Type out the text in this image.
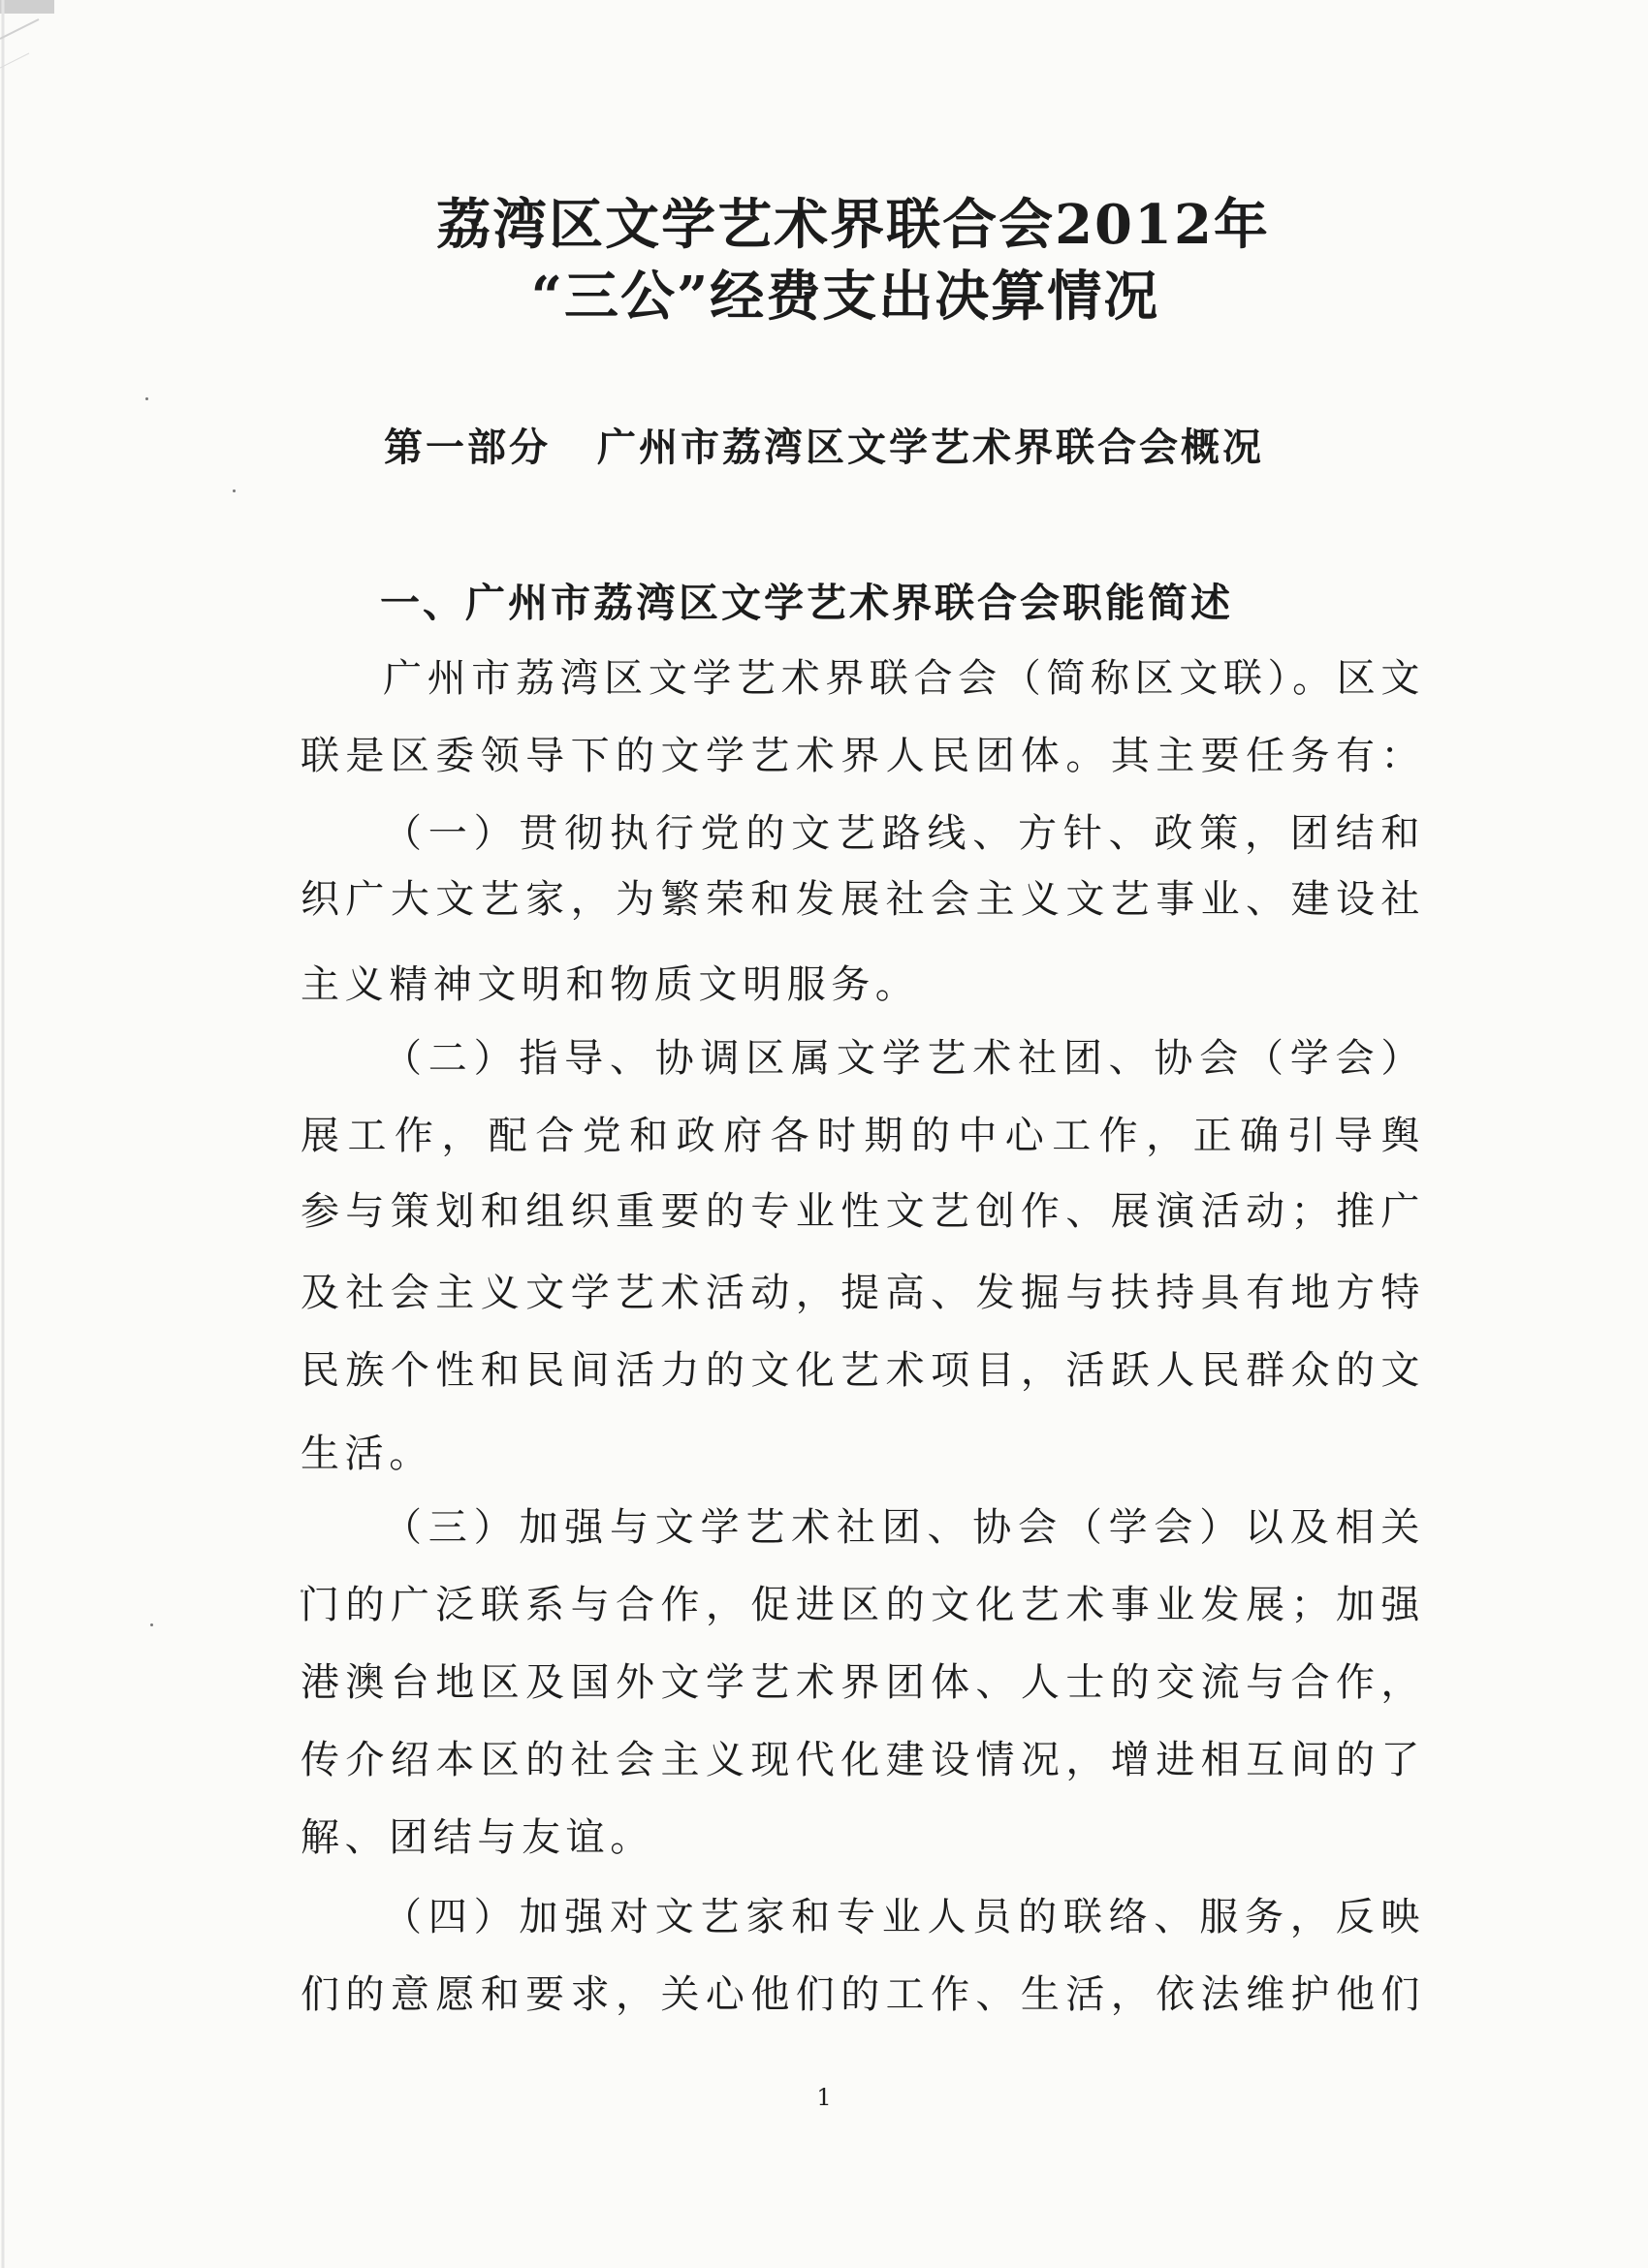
荔湾区文学艺术界联合会2012年
“三公”经费支出决算情况
第一部分 广州市荔湾区文学艺术界联合会概况
一、广州市荔湾区文学艺术界联合会职能简述

广州市荔湾区文学艺术界联合会（简称区文联）。区文

联是区委领导下的文学艺术界人民团体。其主要任务有：

（一）贯彻执行党的文艺路线、方针、政策，团结和

织广大文艺家，为繁荣和发展社会主义文艺事业、建设社

主义精神文明和物质文明服务。

（二）指导、协调区属文学艺术社团、协会（学会）

展工作，配合党和政府各时期的中心工作，正确引导舆

参与策划和组织重要的专业性文艺创作、展演活动；推广

及社会主义文学艺术活动，提高、发掘与扶持具有地方特

民族个性和民间活力的文化艺术项目，活跃人民群众的文

生活。

（三）加强与文学艺术社团、协会（学会）以及相关

门的广泛联系与合作，促进区的文化艺术事业发展；加强

港澳台地区及国外文学艺术界团体、人士的交流与合作，

传介绍本区的社会主义现代化建设情况，增进相互间的了

解、团结与友谊。

（四）加强对文艺家和专业人员的联络、服务，反映

们的意愿和要求，关心他们的工作、生活，依法维护他们

1
